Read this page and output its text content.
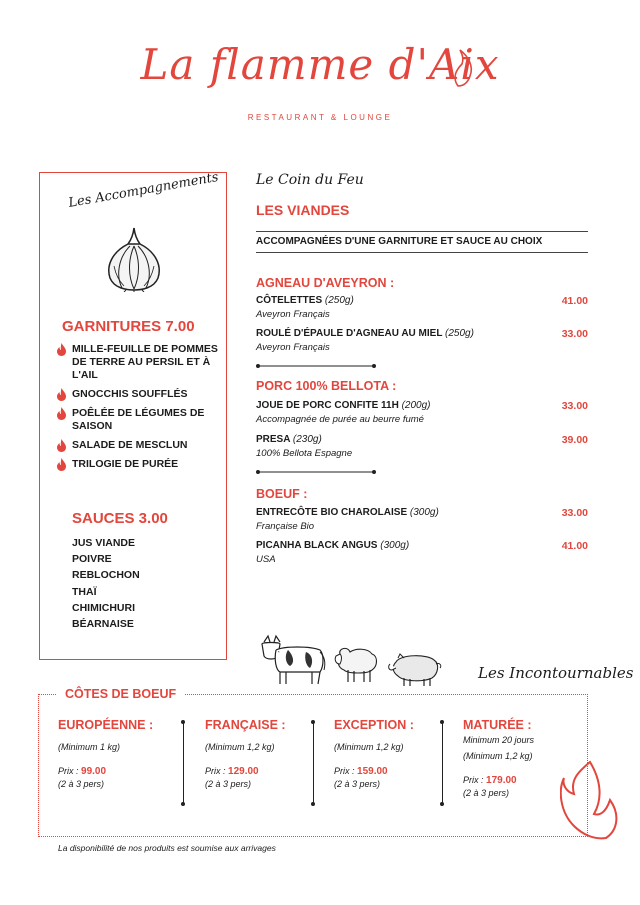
La flamme d'Aix
RESTAURANT & LOUNGE
Les Accompagnements
GARNITURES 7.00
MILLE-FEUILLE DE POMMES DE TERRE AU PERSIL ET À L'AIL
GNOCCHIS SOUFFLÉS
POÊLÉE DE LÉGUMES DE SAISON
SALADE DE MESCLUN
TRILOGIE DE PURÉE
SAUCES 3.00
JUS VIANDE
POIVRE
REBLOCHON
THAÏ
CHIMICHURI
BÉARNAISE
Le Coin du Feu
LES VIANDES
ACCOMPAGNÉES D'UNE GARNITURE ET SAUCE AU CHOIX
AGNEAU D'AVEYRON :
CÔTELETTES (250g)
Aveyron Français
41.00
ROULÉ D'ÉPAULE D'AGNEAU AU MIEL (250g)
Aveyron Français
33.00
PORC 100% BELLOTA :
JOUE DE PORC CONFITE 11H (200g)
Accompagnée de purée au beurre fumé
33.00
PRESA (230g)
100% Bellota Espagne
39.00
BOEUF :
ENTRECÔTE BIO CHAROLAISE (300g)
Française Bio
33.00
PICANHA BLACK ANGUS (300g)
USA
41.00
Les Incontournables
CÔTES DE BOEUF
EUROPÉENNE :
(Minimum 1 kg)
Prix : 99.00
(2 à 3 pers)
FRANÇAISE :
(Minimum 1,2 kg)
Prix : 129.00
(2 à 3 pers)
EXCEPTION :
(Minimum 1,2 kg)
Prix : 159.00
(2 à 3 pers)
MATURÉE :
Minimum 20 jours
(Minimum 1,2 kg)
Prix : 179.00
(2 à 3 pers)
La disponibilité de nos produits est soumise aux arrivages
